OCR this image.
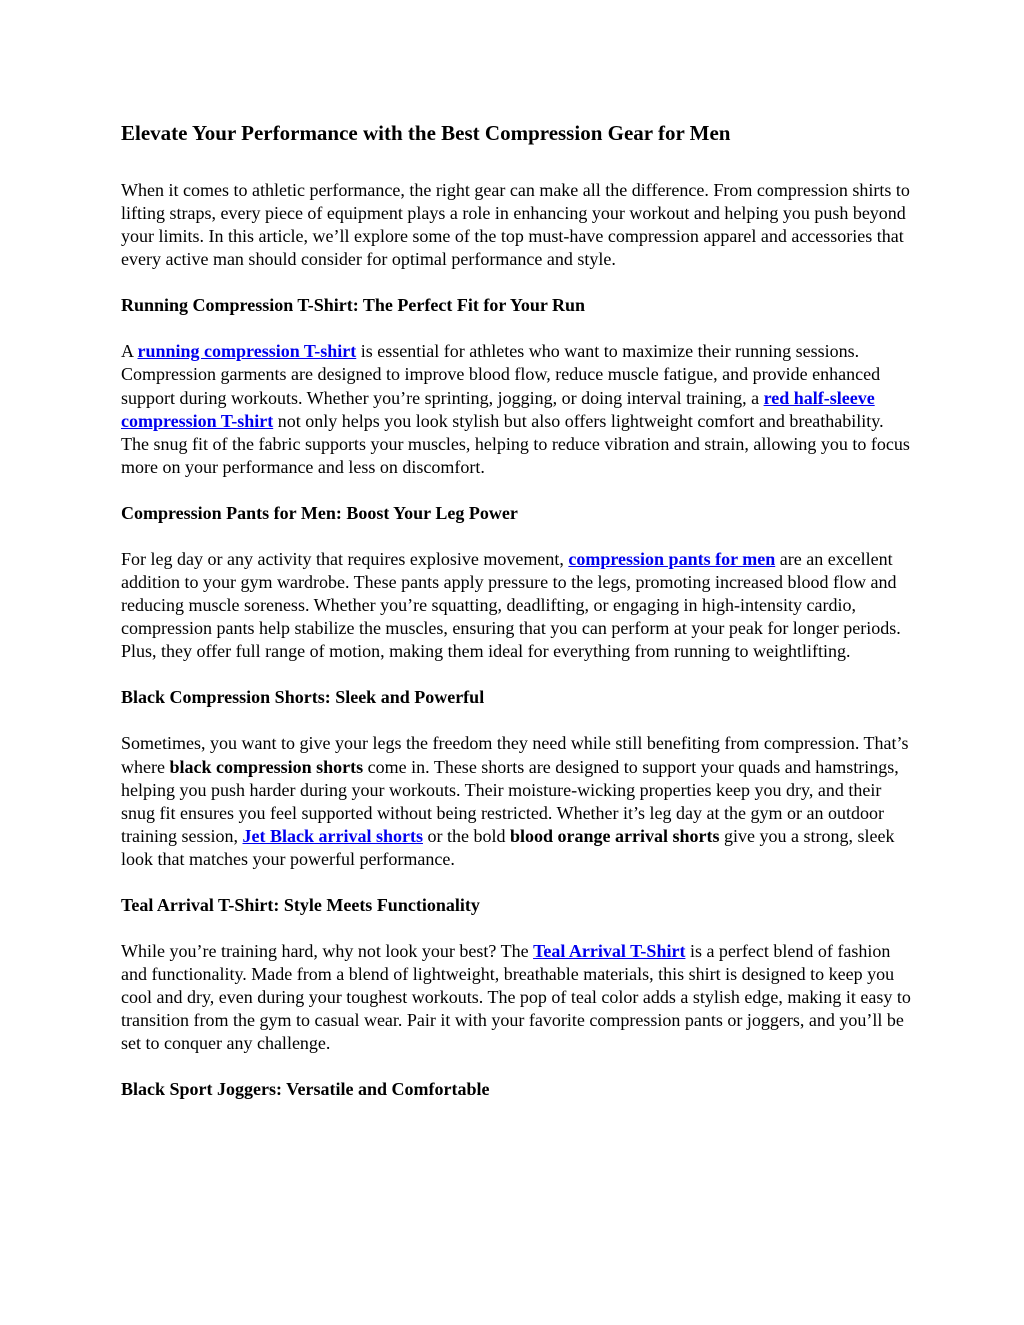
Elevate Your Performance with the Best Compression Gear for Men

When it comes to athletic performance, the right gear can make all the difference. From compression shirts to lifting straps, every piece of equipment plays a role in enhancing your workout and helping you push beyond your limits. In this article, we’ll explore some of the top must-have compression apparel and accessories that every active man should consider for optimal performance and style.

Running Compression T-Shirt: The Perfect Fit for Your Run

A running compression T-shirt is essential for athletes who want to maximize their running sessions. Compression garments are designed to improve blood flow, reduce muscle fatigue, and provide enhanced support during workouts. Whether you’re sprinting, jogging, or doing interval training, a red half-sleeve compression T-shirt not only helps you look stylish but also offers lightweight comfort and breathability. The snug fit of the fabric supports your muscles, helping to reduce vibration and strain, allowing you to focus more on your performance and less on discomfort.

Compression Pants for Men: Boost Your Leg Power

For leg day or any activity that requires explosive movement, compression pants for men are an excellent addition to your gym wardrobe. These pants apply pressure to the legs, promoting increased blood flow and reducing muscle soreness. Whether you’re squatting, deadlifting, or engaging in high-intensity cardio, compression pants help stabilize the muscles, ensuring that you can perform at your peak for longer periods. Plus, they offer full range of motion, making them ideal for everything from running to weightlifting.

Black Compression Shorts: Sleek and Powerful

Sometimes, you want to give your legs the freedom they need while still benefiting from compression. That’s where black compression shorts come in. These shorts are designed to support your quads and hamstrings, helping you push harder during your workouts. Their moisture-wicking properties keep you dry, and their snug fit ensures you feel supported without being restricted. Whether it’s leg day at the gym or an outdoor training session, Jet Black arrival shorts or the bold blood orange arrival shorts give you a strong, sleek look that matches your powerful performance.

Teal Arrival T-Shirt: Style Meets Functionality

While you’re training hard, why not look your best? The Teal Arrival T-Shirt is a perfect blend of fashion and functionality. Made from a blend of lightweight, breathable materials, this shirt is designed to keep you cool and dry, even during your toughest workouts. The pop of teal color adds a stylish edge, making it easy to transition from the gym to casual wear. Pair it with your favorite compression pants or joggers, and you’ll be set to conquer any challenge.

Black Sport Joggers: Versatile and Comfortable
